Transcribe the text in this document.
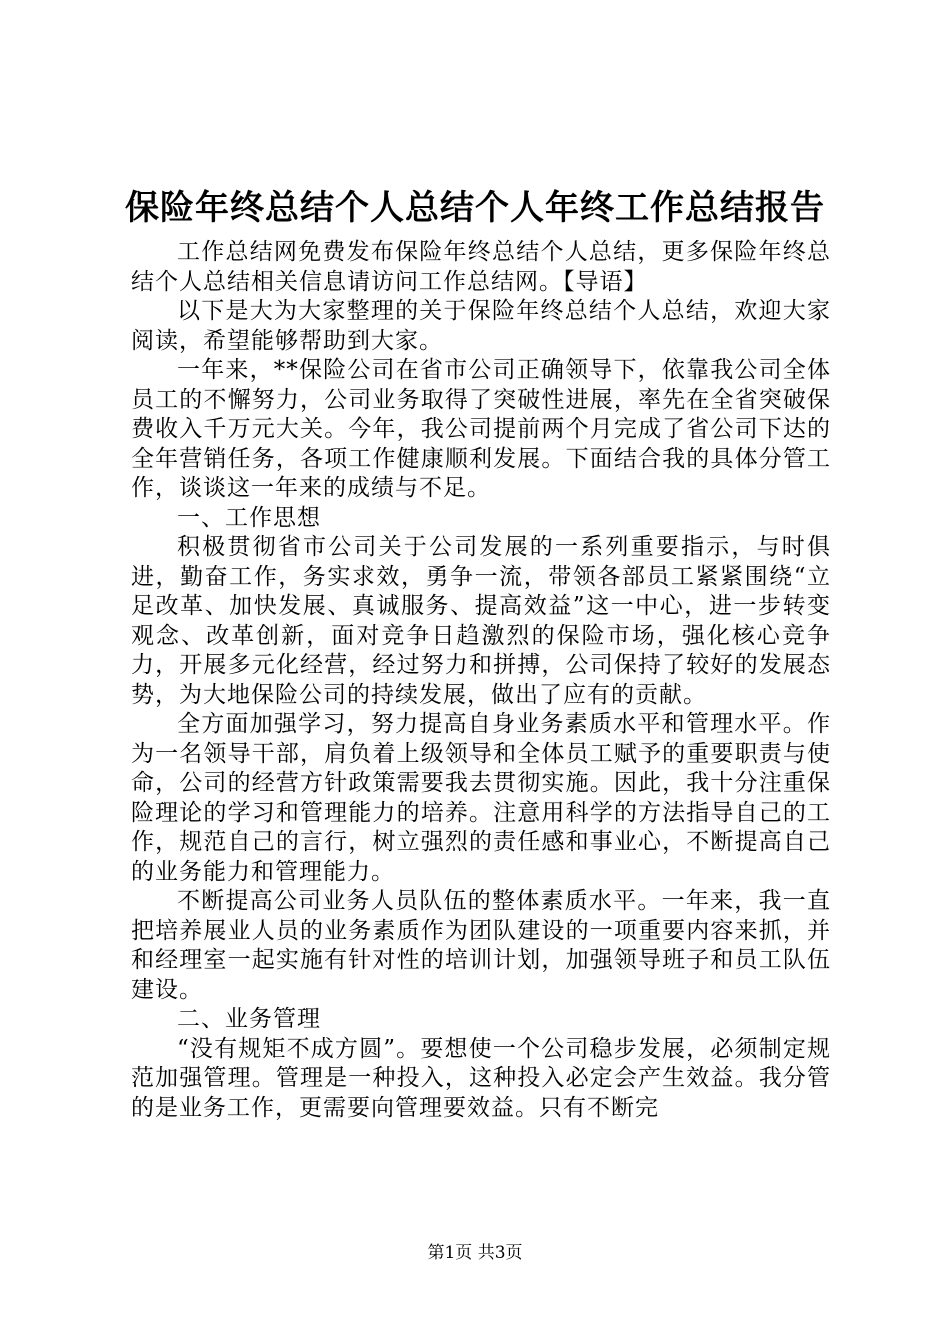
保险年终总结个人总结个人年终工作总结报告

工作总结网免费发布保险年终总结个人总结，更多保险年终总结个人总结相关信息请访问工作总结网。【导语】

以下是大为大家整理的关于保险年终总结个人总结，欢迎大家阅读，希望能够帮助到大家。

一年来，**保险公司在省市公司正确领导下，依靠我公司全体员工的不懈努力，公司业务取得了突破性进展，率先在全省突破保费收入千万元大关。今年，我公司提前两个月完成了省公司下达的全年营销任务，各项工作健康顺利发展。下面结合我的具体分管工作，谈谈这一年来的成绩与不足。

一、工作思想

积极贯彻省市公司关于公司发展的一系列重要指示，与时俱进，勤奋工作，务实求效，勇争一流，带领各部员工紧紧围绕“立足改革、加快发展、真诚服务、提高效益”这一中心，进一步转变观念、改革创新，面对竞争日趋激烈的保险市场，强化核心竞争力，开展多元化经营，经过努力和拼搏，公司保持了较好的发展态势，为大地保险公司的持续发展，做出了应有的贡献。

全方面加强学习，努力提高自身业务素质水平和管理水平。作为一名领导干部，肩负着上级领导和全体员工赋予的重要职责与使命，公司的经营方针政策需要我去贯彻实施。因此，我十分注重保险理论的学习和管理能力的培养。注意用科学的方法指导自己的工作，规范自己的言行，树立强烈的责任感和事业心，不断提高自己的业务能力和管理能力。

不断提高公司业务人员队伍的整体素质水平。一年来，我一直把培养展业人员的业务素质作为团队建设的一项重要内容来抓，并和经理室一起实施有针对性的培训计划，加强领导班子和员工队伍建设。

二、业务管理

“没有规矩不成方圆”。要想使一个公司稳步发展，必须制定规范加强管理。管理是一种投入，这种投入必定会产生效益。我分管的是业务工作，更需要向管理要效益。只有不断完

第1页 共3页
